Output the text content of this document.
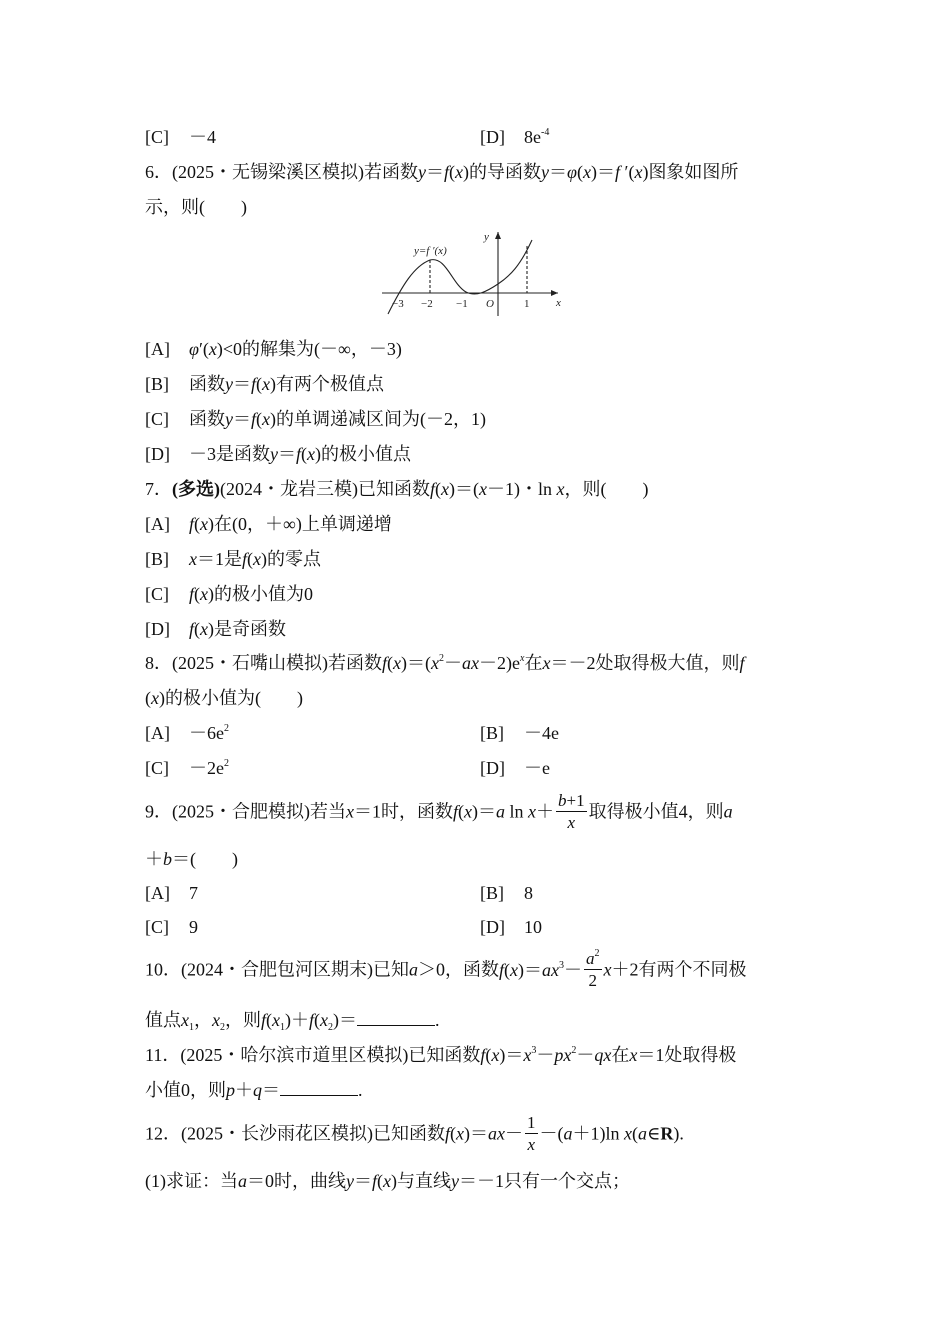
[C] －4	[D] $8e^{-4}$
6．(2025・无锡梁溪区模拟)若函数y＝f(x)的导函数y＝φ(x)＝f ′(x)图象如图所
示，则(　　)
y=f ′(x)
y
x
−3 −2 −1 O	1
[A] φ′(x)<0的解集为(－∞，－3)
[B] 函数y＝f(x)有两个极值点
[C] 函数y＝f(x)的单调递减区间为(－2，1)
[D] －3是函数y＝f(x)的极小值点
7．(多选)(2024・龙岩三模)已知函数f(x)＝(x－1)・ln x，则(　　)
[A] f(x)在(0，＋∞)上单调递增
[B] x＝1是f(x)的零点
[C] f(x)的极小值为0
[D] f(x)是奇函数
8．(2025・石嘴山模拟)若函数$f(x)=(x^2-ax-2)e^x$在x＝－2处取得极大值，则f
(x)的极小值为(　　)
$[A] -6e^2$	[B] －4e
$[C] -2e^2$	[D] －e
9．(2025・合肥模拟)若当x＝1时，函数f(x)＝a $\ln x+ \frac{b+1}{x}$ 取得极小值4，则a
＋b＝(　　)
[A] 7	[B] 8
[C] 9	[D] 10
10．(2024・合肥包河区期末)已知a＞0，函数$f(x)=ax^3- \frac{a^2}{2} x+2$有两个不同极
值点$x_1$，$x_2$，则$f(x_1)+f(x_2)=$	.
11．(2025・哈尔滨市道里区模拟)已知函数$f(x)=x^3-px^2-qx$在x＝1处取得极
小值0，则p＋q＝	.
12．(2025・长沙雨花区模拟)已知函数$f(x)=ax- \frac{1}{x} -(a+1)\ln$ x(a∈R).
(1)求证：当a＝0时，曲线y＝f(x)与直线y＝－1只有一个交点；
